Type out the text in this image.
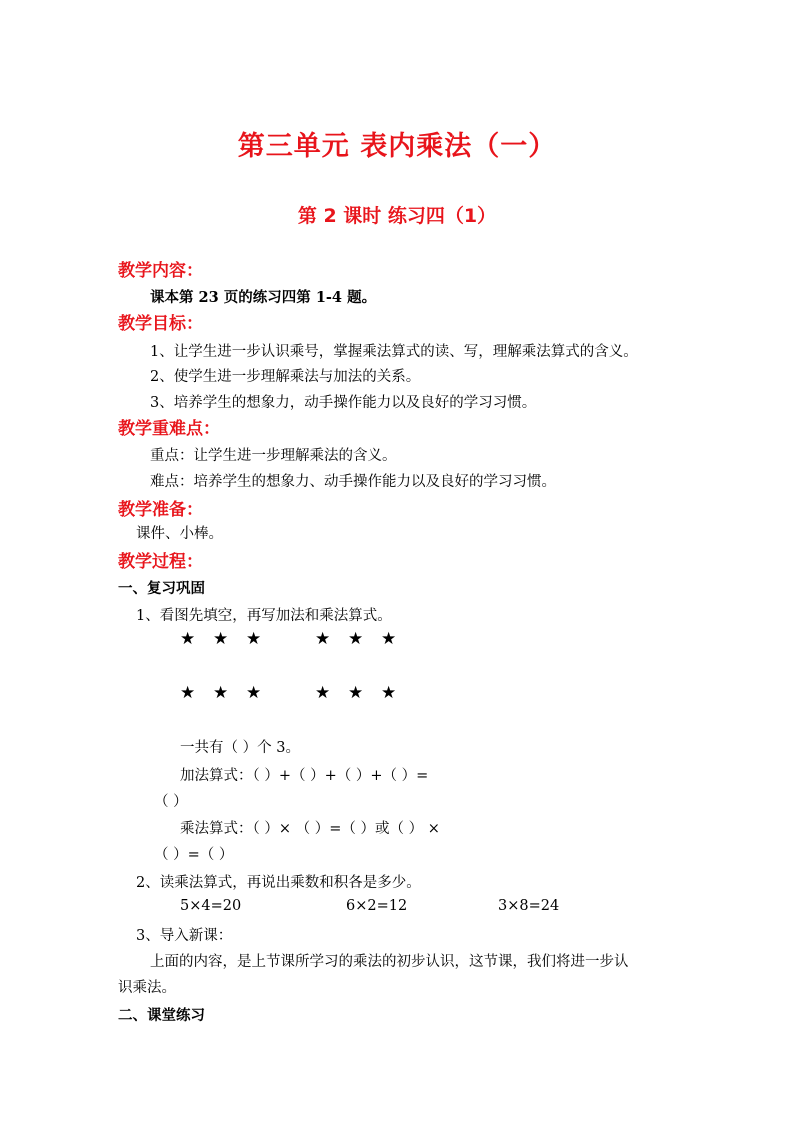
第三单元 表内乘法（一）
第 2 课时 练习四（1）
教学内容：
课本第 23 页的练习四第 1-4 题。
教学目标：
1、让学生进一步认识乘号，掌握乘法算式的读、写，理解乘法算式的含义。
2、使学生进一步理解乘法与加法的关系。
3、培养学生的想象力，动手操作能力以及良好的学习习惯。
教学重难点：
重点：让学生进一步理解乘法的含义。
难点：培养学生的想象力、动手操作能力以及良好的学习习惯。
教学准备：
课件、小棒。
教学过程：
一、复习巩固
1、看图先填空，再写加法和乘法算式。
★ ★ ★	★ ★ ★
★ ★ ★	★ ★ ★
一共有（ ）个 3。
加法算式：（ ）+（ ）+（ ）+（ ）=
（ ）
乘法算式：（ ）× （ ）=（ ）或（ ） ×
（ ）=（ ）
2、读乘法算式，再说出乘数和积各是多少。
5×4=20	6×2=12	3×8=24
3、导入新课：
上面的内容，是上节课所学习的乘法的初步认识，这节课，我们将进一步认
识乘法。
二、课堂练习
